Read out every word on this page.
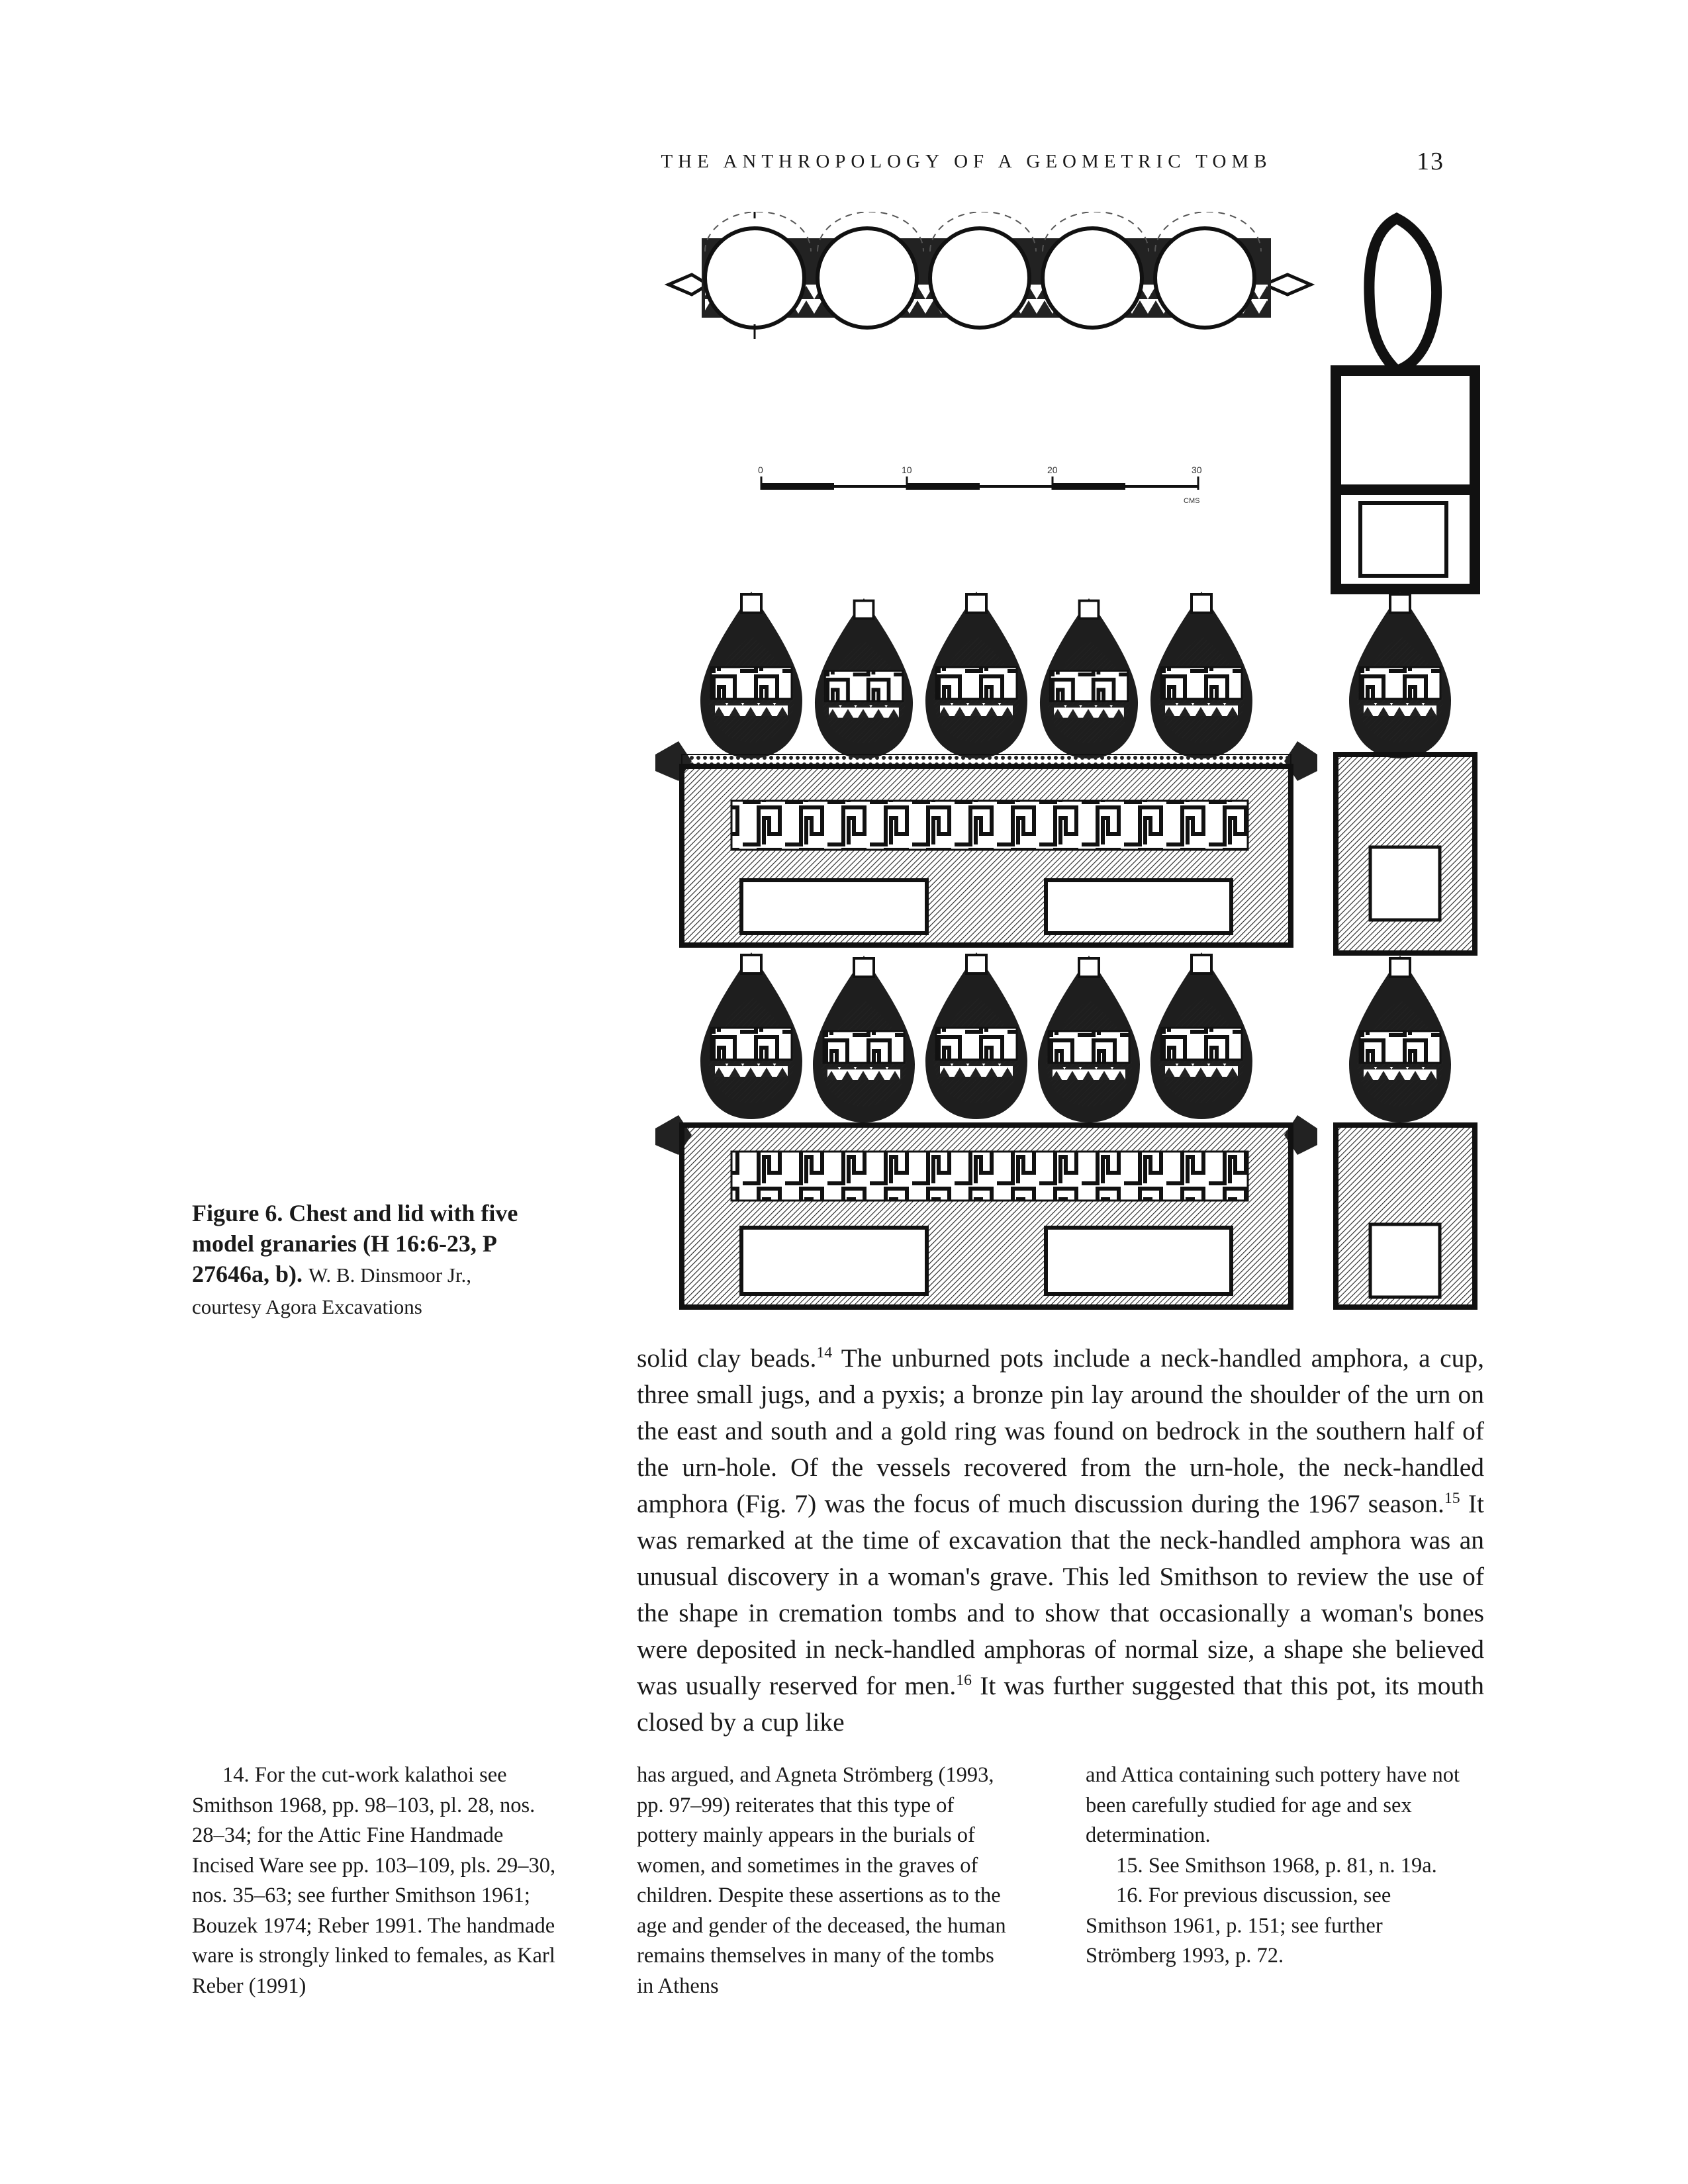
THE ANTHROPOLOGY OF A GEOMETRIC TOMB	13
0	10	20	30
CMS
Figure 6. Chest and lid with five model granaries (H 16:6-23, P 27646a, b). W. B. Dinsmoor Jr.,
courtesy Agora Excavations

solid clay beads.$^{14}$ The unburned pots include a neck-handled amphora, a cup, three small jugs, and a pyxis; a bronze pin lay around the shoulder of the urn on the east and south and a gold ring was found on bedrock in the southern half of the urn-hole. Of the vessels recovered from the urn-hole, the neck-handled amphora (Fig. 7) was the focus of much discussion during the 1967 season.$^{15}$ It was remarked at the time of excavation that the neck-handled amphora was an unusual discovery in a woman's grave. This led Smithson to review the use of the shape in cremation tombs and to show that occasionally a woman's bones were deposited in neck-handled amphoras of normal size, a shape she believed was usually reserved for men.$^{16}$ It was further suggested that this pot, its mouth closed by a cup like

14. For the cut-work kalathoi see Smithson 1968, pp. 98–103, pl. 28, nos. 28–34; for the Attic Fine Handmade Incised Ware see pp. 103–109, pls. 29–30, nos. 35–63; see further Smithson 1961; Bouzek 1974; Reber 1991. The handmade ware is strongly linked to females, as Karl Reber (1991)

has argued, and Agneta Strömberg (1993, pp. 97–99) reiterates that this type of pottery mainly appears in the burials of women, and sometimes in the graves of children. Despite these assertions as to the age and gender of the deceased, the human remains themselves in many of the tombs in Athens

and Attica containing such pottery have not been carefully studied for age and sex determination.

15. See Smithson 1968, p. 81, n. 19a.

16. For previous discussion, see Smithson 1961, p. 151; see further Strömberg 1993, p. 72.
